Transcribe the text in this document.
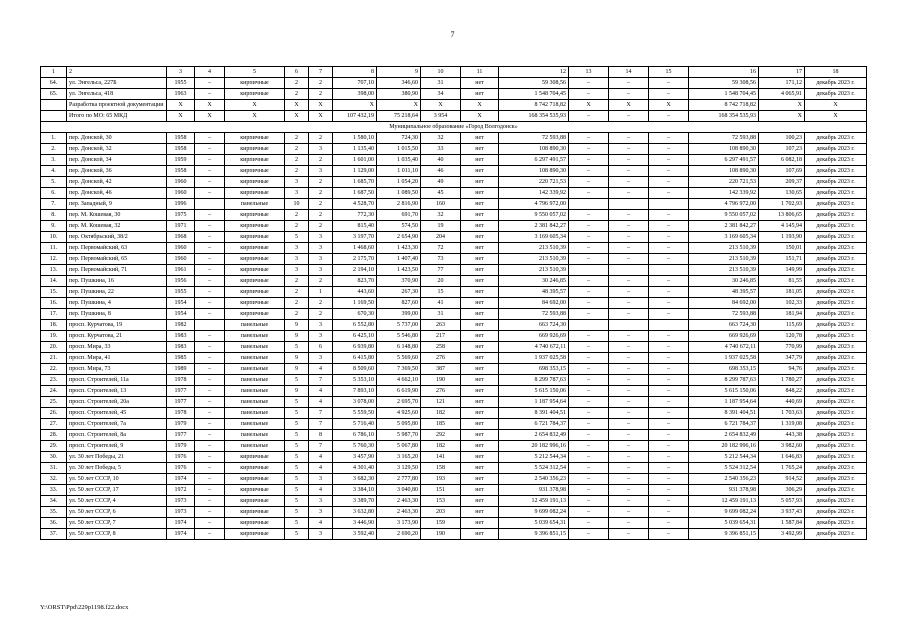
7
1	2	3	4	5	6	7	8	9	10	11	12	13	14	15	16	17	18
64.	ул. Энгельса, 227Б	1955	–	кирпичные	2	2	707,10	346,60	31	нет	59 308,56	–	–	–	59 308,56	171,12	декабрь 2023 г.
65.	ул. Энгельса, 418	1963	–	кирпичные	2	2	398,00	380,90	34	нет	1 548 704,45	–	–	–	1 548 704,45	4 065,91	декабрь 2023 г.
	Разработка проектной документации	X	X	X	X	X	X	X	X	X	8 742 718,82	X	X	X	8 742 718,82	X	X
	Итого по МО: 65 МКД	X	X	X	X	X	107 432,19	75 218,64	3 954	X	168 354 535,93	–	–	–	168 354 535,93	X	X
Муниципальное образование «Город Волгодонск»																	
1.	пер. Донской, 30	1958	–	кирпичные	2	2	1 580,10	724,30	32	нет	72 593,88	–	–	–	72 593,88	100,23	декабрь 2023 г.
2.	пер. Донской, 32	1958	–	кирпичные	2	3	1 135,40	1 015,50	33	нет	108 890,30	–	–	–	108 890,30	107,23	декабрь 2023 г.
3.	пер. Донской, 34	1959	–	кирпичные	2	2	1 601,00	1 035,40	40	нет	6 297 491,57	–	–	–	6 297 491,57	6 082,18	декабрь 2023 г.
4.	пер. Донской, 36	1958	–	кирпичные	2	3	1 129,00	1 011,10	46	нет	108 890,30	–	–	–	108 890,30	107,69	декабрь 2023 г.
5.	пер. Донской, 42	1960	–	кирпичные	3	2	1 685,70	1 054,20	49	нет	220 721,53	–	–	–	220 721,53	209,37	декабрь 2023 г.
6.	пер. Донской, 46	1960	–	кирпичные	3	2	1 687,50	1 089,50	45	нет	142 339,92	–	–	–	142 339,92	130,65	декабрь 2023 г.
7.	пер. Западный, 9	1996		панельные	10	2	4 528,70	2 816,90	160	нет	4 796 972,00				4 796 972,00	1 702,93	декабрь 2023 г.
8.	пер. М. Кошевая, 30	1975	–	кирпичные	2	2	772,30	691,70	32	нет	9 550 057,02	–	–	–	9 550 057,02	13 806,65	декабрь 2023 г.
9.	пер. М. Кошевая, 32	1971	–	кирпичные	2	2	815,40	574,50	19	нет	2 381 842,27	–	–	–	2 381 842,27	4 145,94	декабрь 2023 г.
10.	пер. Октябрьский, 38/2	1968	–	кирпичные	5	3	3 197,70	2 654,90	204	нет	3 169 605,34	–	–	–	3 169 605,34	1 193,90	декабрь 2023 г.
11.	пер. Первомайский, 63	1960	–	кирпичные	3	3	1 468,60	1 423,30	72	нет	213 510,39	–	–	–	213 510,39	150,01	декабрь 2023 г.
12.	пер. Первомайский, 65	1960	–	кирпичные	3	3	2 175,70	1 407,40	73	нет	213 510,39	–	–	–	213 510,39	151,71	декабрь 2023 г.
13.	пер. Первомайский, 71	1961	–	кирпичные	3	3	2 194,10	1 423,50	77	нет	213 510,39				213 510,39	149,99	декабрь 2023 г.
14.	пер. Пушкина, 16	1956	–	кирпичные	2	2	823,70	370,90	20	нет	30 246,85	–	–	–	30 246,85	81,55	декабрь 2023 г.
15.	пер. Пушкина, 22	1955	–	кирпичные	2	1	443,60	267,30	15	нет	48 395,57	–	–	–	48 395,57	181,05	декабрь 2023 г.
16.	пер. Пушкина, 4	1954	–	кирпичные	2	2	1 169,50	827,60	41	нет	84 692,00	–	–	–	84 692,00	102,33	декабрь 2023 г.
17.	пер. Пушкина, 8	1954	–	кирпичные	2	2	670,30	399,00	31	нет	72 593,88	–	–	–	72 593,88	181,94	декабрь 2023 г.
18.	просп. Курчатова, 19	1982		панельные	9	3	6 552,80	5 737,00	263	нет	663 724,30				663 724,30	115,69	декабрь 2023 г.
19.	просп. Курчатова, 21	1983	–	панельные	9	3	6 425,10	5 546,80	217	нет	669 926,69	–	–	–	669 926,69	120,78	декабрь 2023 г.
20.	просп. Мира, 33	1983	–	панельные	5	6	6 939,80	6 148,80	258	нет	4 740 672,11	–	–	–	4 740 672,11	770,99	декабрь 2023 г.
21.	просп. Мира, 41	1985	–	панельные	9	3	6 415,80	5 569,60	276	нет	1 937 025,58	–	–	–	1 937 025,58	347,79	декабрь 2023 г.
22.	просп. Мира, 73	1989	–	панельные	9	4	8 509,60	7 369,50	387	нет	698 353,15	–	–	–	698 353,15	94,76	декабрь 2023 г.
23.	просп. Строителей, 11а	1978	–	панельные	5	7	5 353,10	4 662,10	190	нет	8 299 787,63	–	–	–	8 299 787,63	1 780,27	декабрь 2023 г.
24.	просп. Строителей, 13	1977	–	панельные	9	4	7 893,10	6 619,90	276	нет	5 615 150,06	–	–	–	5 615 150,06	848,22	декабрь 2023 г.
25.	просп. Строителей, 20а	1977	–	панельные	5	4	3 078,00	2 695,70	121	нет	1 187 954,64	–	–	–	1 187 954,64	440,69	декабрь 2023 г.
26.	просп. Строителей, 45	1978	–	панельные	5	7	5 559,50	4 925,60	182	нет	8 391 404,51	–	–	–	8 391 404,51	1 703,63	декабрь 2023 г.
27.	просп. Строителей, 7а	1979	–	панельные	5	7	5 716,40	5 095,80	185	нет	6 721 784,37	–	–	–	6 721 784,37	1 319,08	декабрь 2023 г.
28.	просп. Строителей, 8а	1977	–	панельные	5	8	6 786,10	5 987,70	292	нет	2 654 832,49	–	–	–	2 654 832,49	443,38	декабрь 2023 г.
29.	просп. Строителей, 9	1979	–	панельные	5	7	5 760,30	5 067,80	182	нет	20 182 996,16	–	–	–	20 182 996,16	3 982,60	декабрь 2023 г.
30.	ул. 30 лет Победы, 21	1976	–	кирпичные	5	4	3 457,90	3 165,20	141	нет	5 212 544,34	–	–	–	5 212 544,34	1 646,83	декабрь 2023 г.
31.	ул. 30 лет Победы, 5	1976	–	кирпичные	5	4	4 301,40	3 129,50	158	нет	5 524 312,54	–	–	–	5 524 312,54	1 765,24	декабрь 2023 г.
32.	ул. 50 лет СССР, 10	1974	–	кирпичные	5	3	3 682,30	2 777,80	193	нет	2 540 356,23	–	–	–	2 540 356,23	914,52	декабрь 2023 г.
33.	ул. 50 лет СССР, 17	1972	–	кирпичные	5	4	3 384,10	3 040,80	151	нет	931 378,98	–	–	–	931 378,98	306,29	декабрь 2023 г.
34.	ул. 50 лет СССР, 4	1973	–	кирпичные	5	3	3 389,70	2 463,30	153	нет	12 459 191,13	–	–	–	12 459 191,13	5 057,93	декабрь 2023 г.
35.	ул. 50 лет СССР, 6	1973	–	кирпичные	5	3	3 632,80	2 463,30	203	нет	9 699 082,24	–	–	–	9 699 082,24	3 937,43	декабрь 2023 г.
36.	ул. 50 лет СССР, 7	1974	–	кирпичные	5	4	3 446,90	3 173,90	159	нет	5 039 654,31	–	–	–	5 039 654,31	1 587,84	декабрь 2023 г.
37.	ул. 50 лет СССР, 8	1974	–	кирпичные	5	3	3 592,40	2 690,20	190	нет	9 396 851,15	–	–	–	9 396 851,15	3 492,99	декабрь 2023 г.
Y:\ORST\Ppd\229p1198.f22.docx
